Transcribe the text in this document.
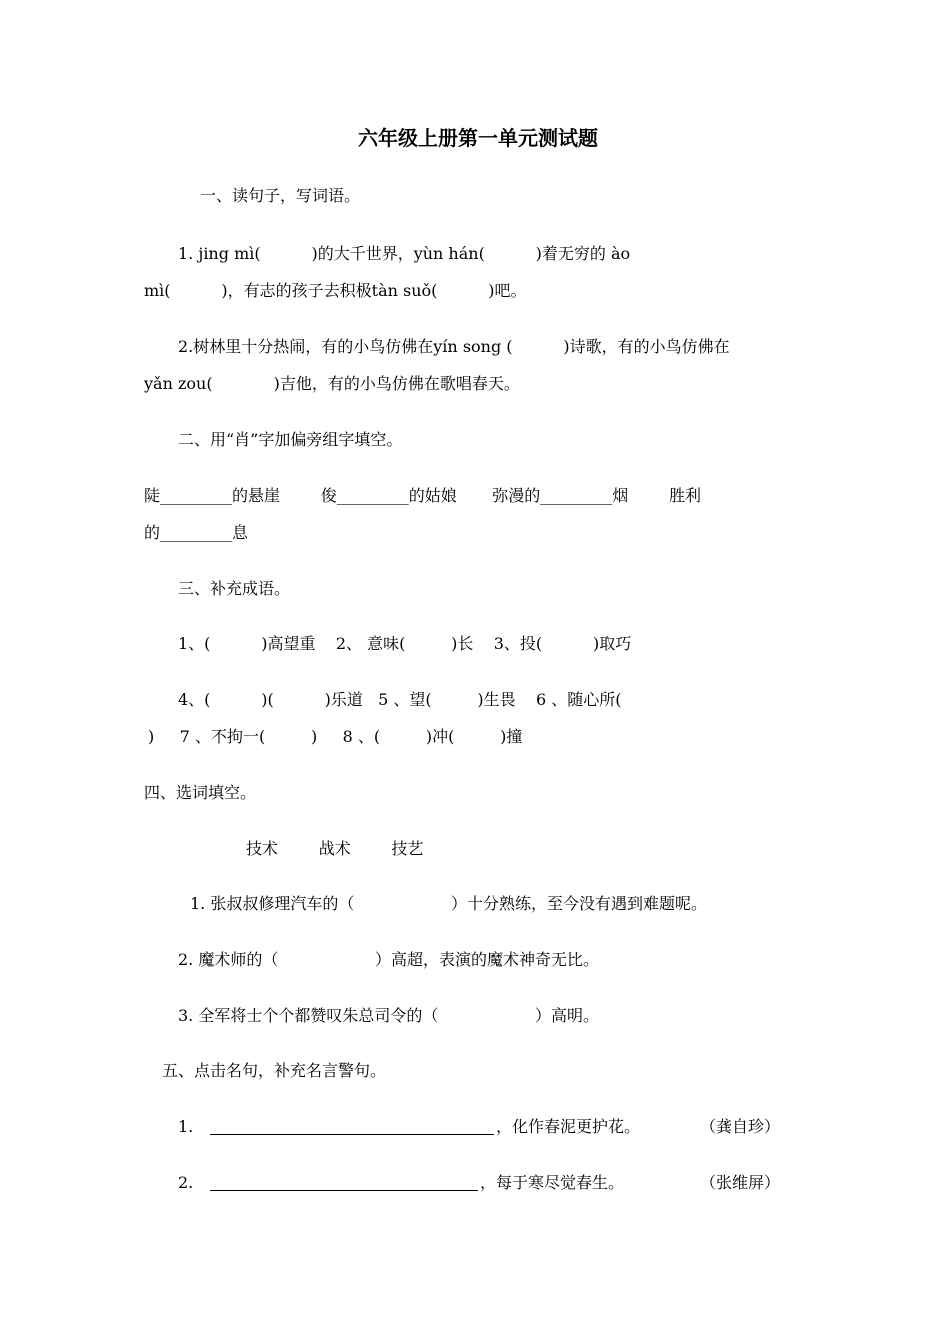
六年级上册第一单元测试题
一、读句子，写词语。
1. jing mì(          )的大千世界，yùn hán(          )着无穷的 ào
mì(          )，有志的孩子去积极tàn suǒ(          )吧。
2.树林里十分热闹，有的小鸟仿佛在yín song (          )诗歌，有的小鸟仿佛在
yǎn zou(            )吉他，有的小鸟仿佛在歌唱春天。
二、用“肖”字加偏旁组字填空。
陡_________的悬崖        俊_________的姑娘       弥漫的_________烟        胜利
的_________息
三、补充成语。
1、(          )高望重    2、 意味(         )长    3、投(          )取巧
4、(          )(          )乐道   5 、望(         )生畏    6 、随心所(
)     7 、不拘一(         )     8 、(         )冲(         )撞
四、选词填空。
技术        战术        技艺
1. 张叔叔修理汽车的（                   ）十分熟练，至今没有遇到难题呢。
2. 魔术师的（                   ）高超，表演的魔术神奇无比。
3. 全军将士个个都赞叹朱总司令的（                   ）高明。
五、点击名句，补充名言警句。
1.	，化作春泥更护花。	（龚自珍）
2.	，每于寒尽觉春生。	（张维屏）
